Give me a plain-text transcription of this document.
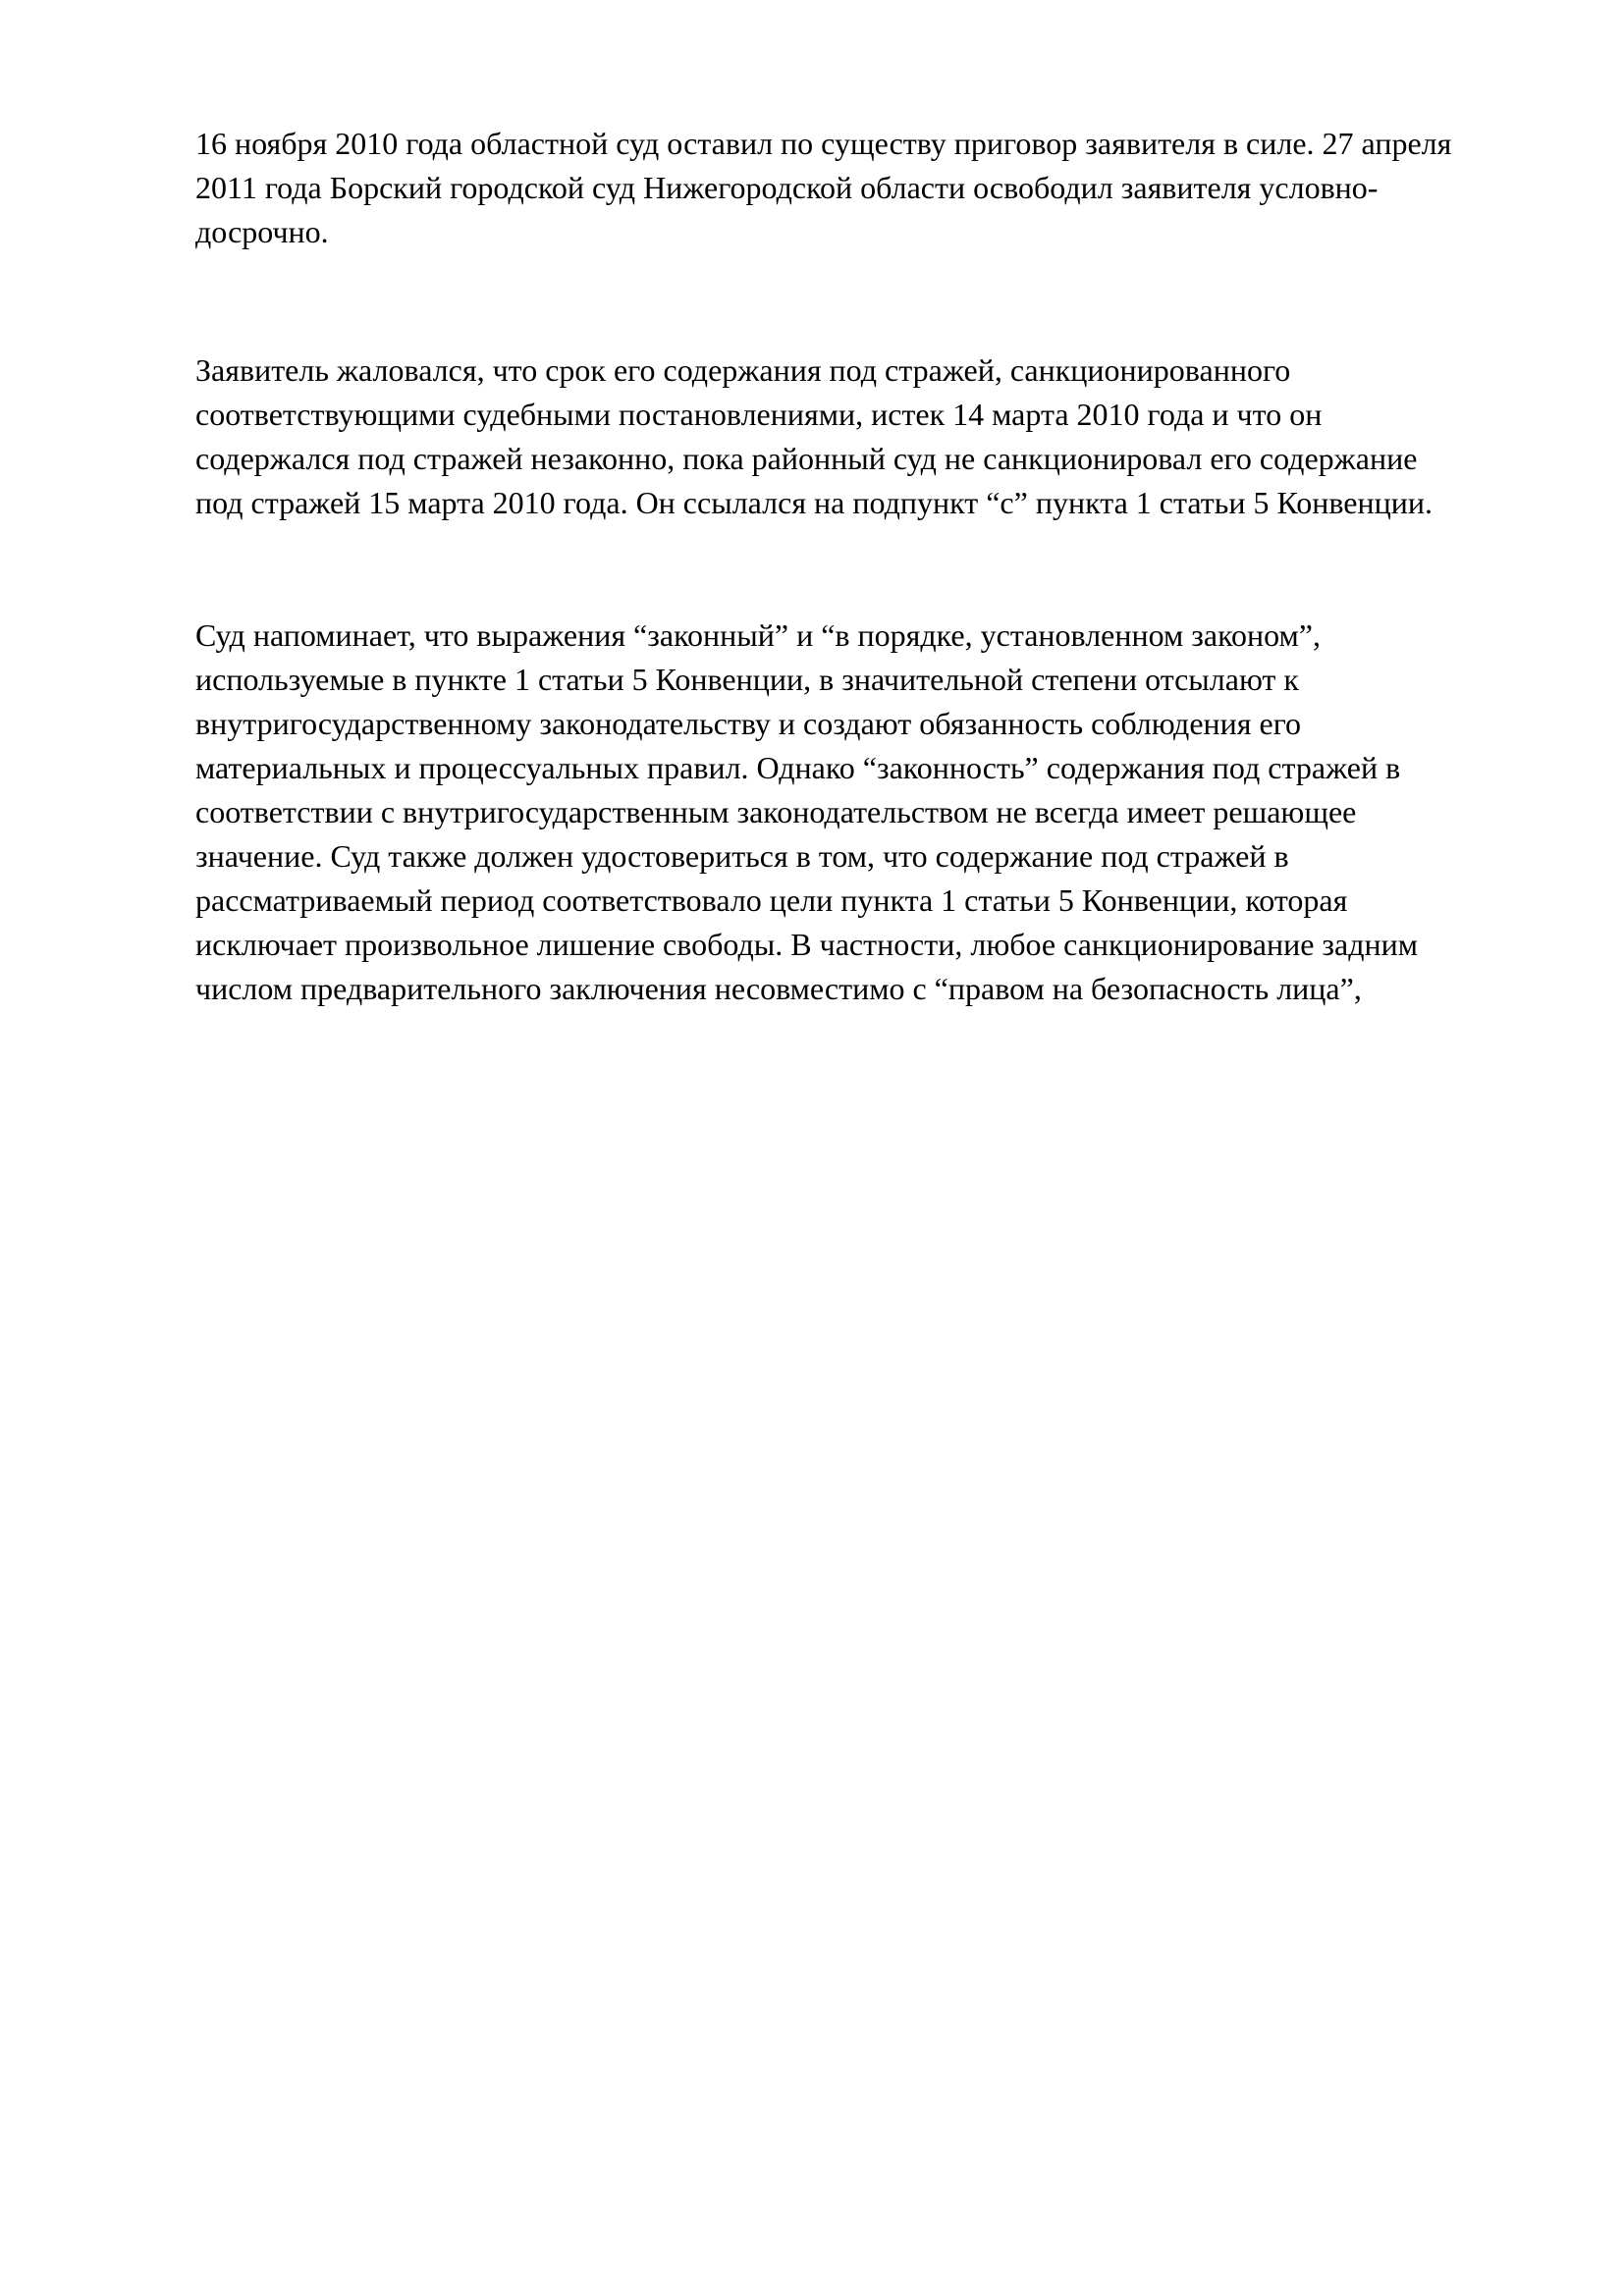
16 ноября 2010 года областной суд оставил по существу приговор заявителя в силе. 27 апреля
2011 года Борский городской суд Нижегородской области освободил заявителя условно-
досрочно.
Заявитель жаловался, что срок его содержания под стражей, санкционированного
соответствующими судебными постановлениями, истек 14 марта 2010 года и что он
содержался под стражей незаконно, пока районный суд не санкционировал его содержание
под стражей 15 марта 2010 года. Он ссылался на подпункт “c” пункта 1 статьи 5 Конвенции.
Суд напоминает, что выражения “законный” и “в порядке, установленном законом”,
используемые в пункте 1 статьи 5 Конвенции, в значительной степени отсылают к
внутригосударственному законодательству и создают обязанность соблюдения его
материальных и процессуальных правил. Однако “законность” содержания под стражей в
соответствии с внутригосударственным законодательством не всегда имеет решающее
значение. Суд также должен удостовериться в том, что содержание под стражей в
рассматриваемый период соответствовало цели пункта 1 статьи 5 Конвенции, которая
исключает произвольное лишение свободы. В частности, любое санкционирование задним
числом предварительного заключения несовместимо с “правом на безопасность лица”,
